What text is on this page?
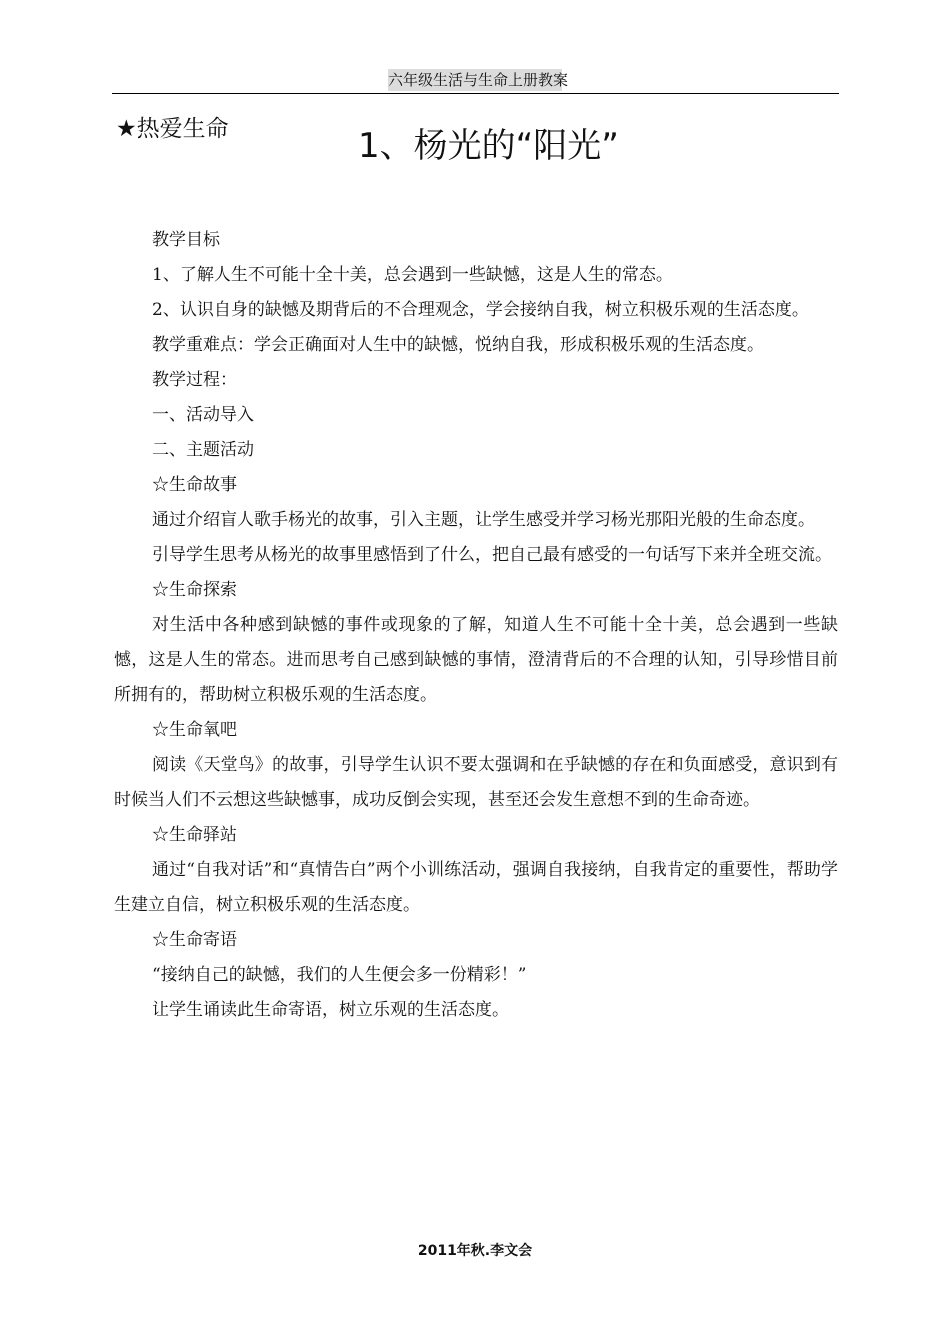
六年级生活与生命上册教案
★热爱生命	1、杨光的“阳光”

教学目标

1、了解人生不可能十全十美，总会遇到一些缺憾，这是人生的常态。

2、认识自身的缺憾及期背后的不合理观念，学会接纳自我，树立积极乐观的生活态度。

教学重难点：学会正确面对人生中的缺憾，悦纳自我，形成积极乐观的生活态度。

教学过程：

一、活动导入

二、主题活动

☆生命故事

通过介绍盲人歌手杨光的故事，引入主题，让学生感受并学习杨光那阳光般的生命态度。

引导学生思考从杨光的故事里感悟到了什么，把自己最有感受的一句话写下来并全班交流。

☆生命探索

对生活中各种感到缺憾的事件或现象的了解，知道人生不可能十全十美，总会遇到一些缺憾，这是人生的常态。进而思考自己感到缺憾的事情，澄清背后的不合理的认知，引导珍惜目前所拥有的，帮助树立积极乐观的生活态度。

☆生命氧吧

阅读《天堂鸟》的故事，引导学生认识不要太强调和在乎缺憾的存在和负面感受，意识到有时候当人们不云想这些缺憾事，成功反倒会实现，甚至还会发生意想不到的生命奇迹。

☆生命驿站

通过“自我对话”和“真情告白”两个小训练活动，强调自我接纳，自我肯定的重要性，帮助学生建立自信，树立积极乐观的生活态度。

☆生命寄语

“接纳自己的缺憾，我们的人生便会多一份精彩！”

让学生诵读此生命寄语，树立乐观的生活态度。

2011年秋.李文会
